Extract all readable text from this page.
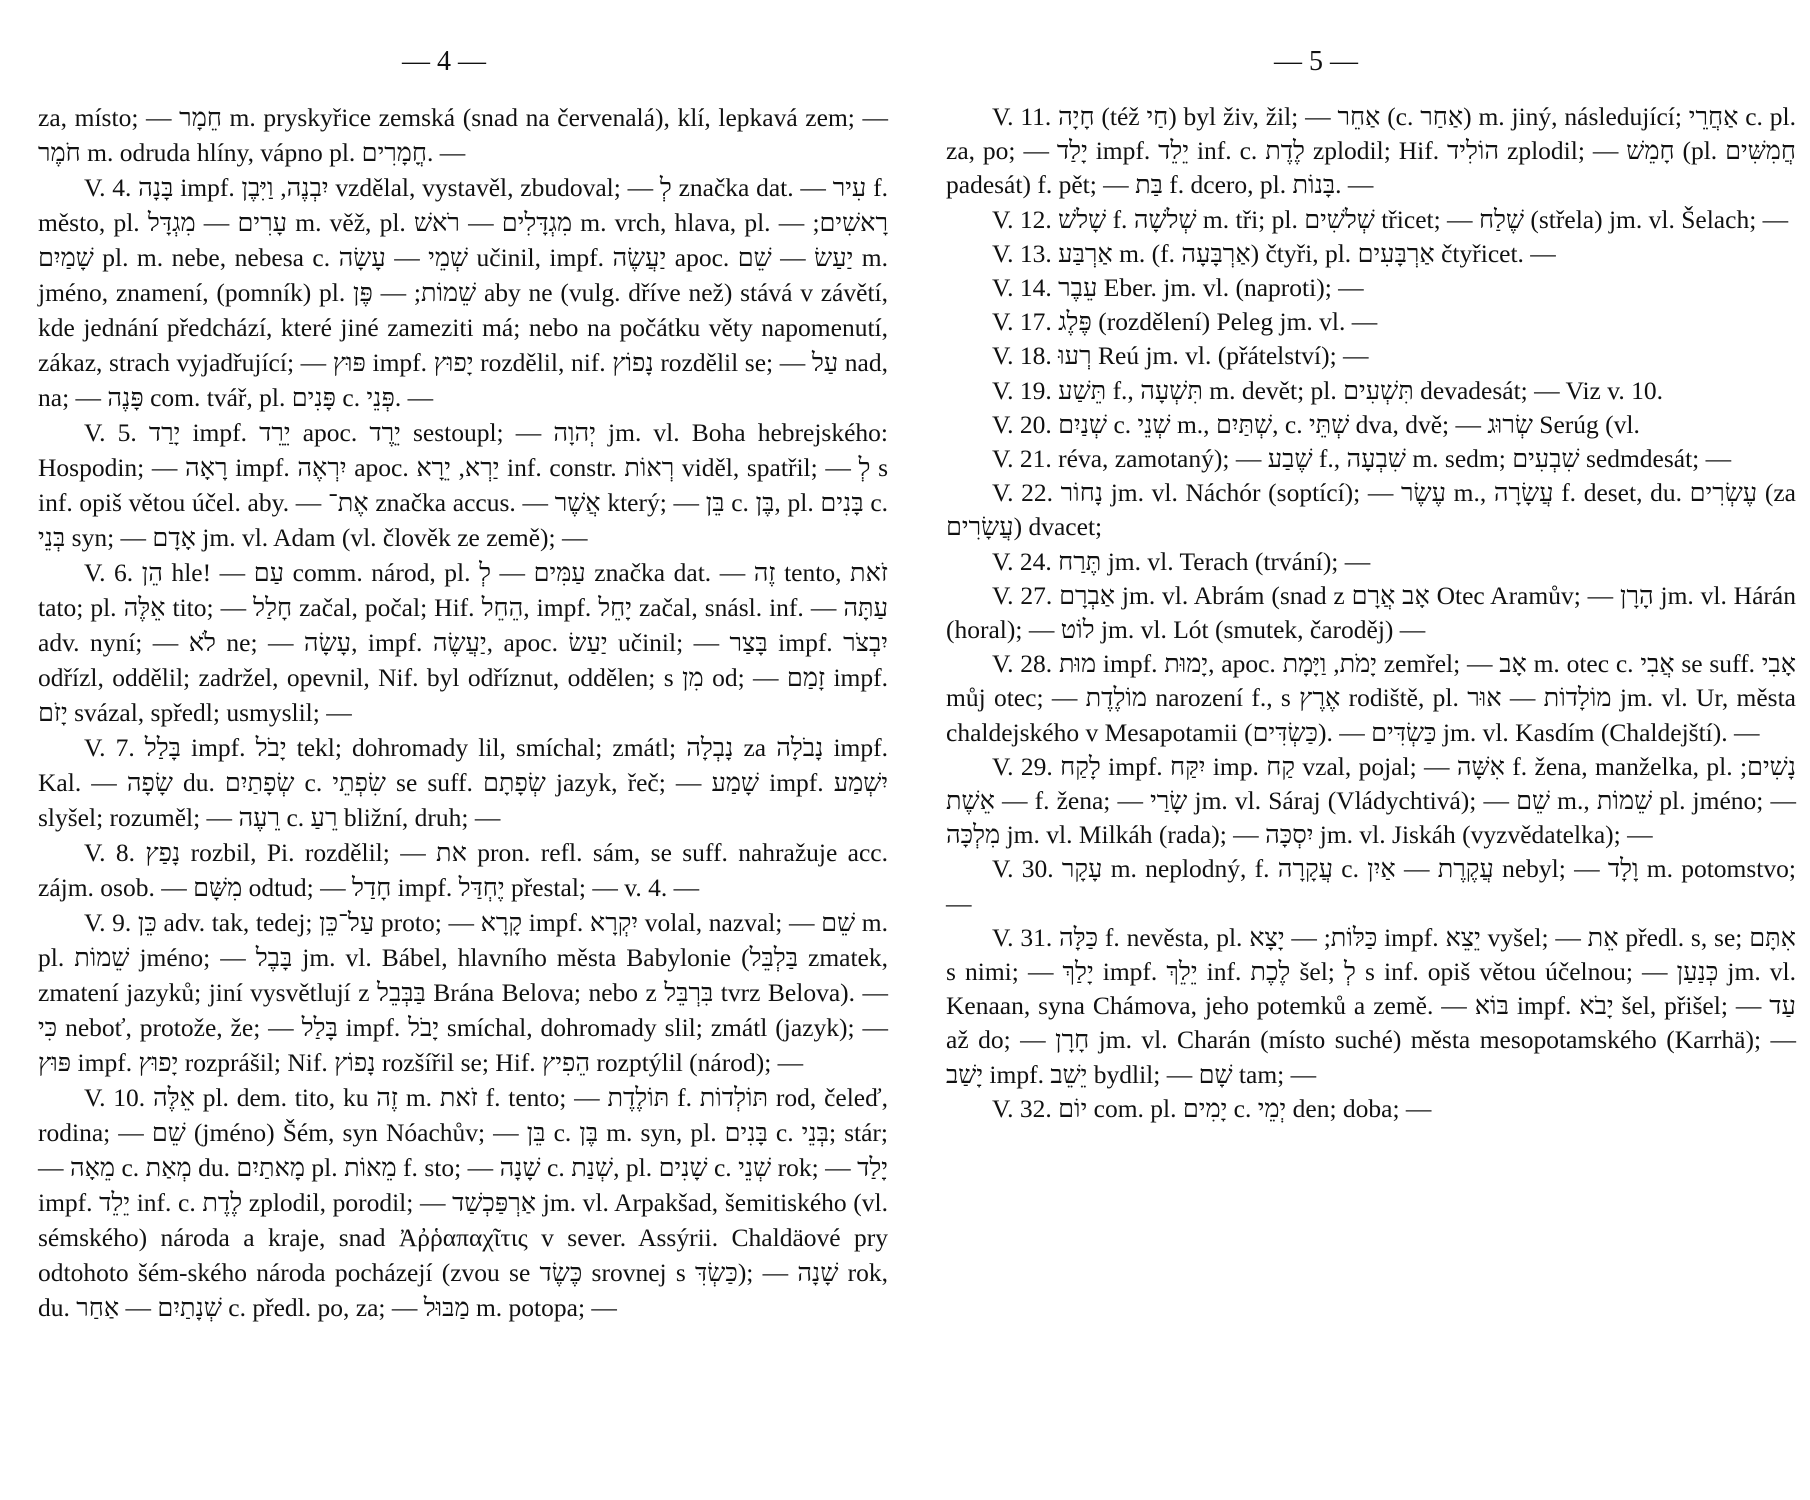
— 4 —

za, místo; — חֵמָר m. pryskyřice zemská (snad na červenalá), klí, lepkavá zem; — חֹמֶר m. odruda hlíny, vápno pl. חֳמָרִים. —

V. 4. בָּנָה impf. יִבְנֶה, וַיִּבֶן vzdělal, vystavěl, zbudoval; — לְ značka dat. — עִיר f. město, pl. עָרִים — מִגְדָּל m. věž, pl. מִגְדָּלִים — רֹאשׁ m. vrch, hlava, pl. רָאשִׁים; — שָׁמַיִם pl. m. nebe, nebesa c. שְׁמֵי — עָשָׂה učinil, impf. יַעֲשֶׂה apoc. יַעַשׂ — שֵׁם m. jméno, znamení, (pomník) pl. שֵׁמוֹת; — פֶּן aby ne (vulg. dříve než) stává v závětí, kde jednání předchází, které jiné zameziti má; nebo na počátku věty napomenutí, zákaz, strach vyjadřující; — פּוּץ impf. יָפוּץ rozdělil, nif. נָפוֹץ rozdělil se; — עַל nad, na; — פָּנֶה com. tvář, pl. פָּנִים c. פְּנֵי. —

V. 5. יָרַד impf. יֵרֵד apoc. יֵרֶד sestoupl; — יְהוָה jm. vl. Boha hebrejského: Hospodin; — רָאָה impf. יִרְאֶה apoc. יַרְא, יֵרָא inf. constr. רְאוֹת viděl, spatřil; — לְ s inf. opiš větou účel. aby. — אֶת־ značka accus. — אֲשֶׁר který; — בֵּן c. בֶּן, pl. בָּנִים c. בְּנֵי syn; — אָדָם jm. vl. Adam (vl. člověk ze země); —

V. 6. הֵן hle! — עַם comm. národ, pl. עַמִּים — לְ značka dat. — זֶה tento, זֹאת tato; pl. אֵלֶּה tito; — חָלַל začal, počal; Hif. הֵחֵל, impf. יָחֵל začal, snásl. inf. — עַתָּה adv. nyní; — לֹא ne; — עָשָׂה, impf. יַעֲשֶׂה, apoc. יַעַשׂ učinil; — בָּצַר impf. יִבְצֹר odřízl, oddělil; zadržel, opevnil, Nif. byl odříznut, oddělen; s מִן od; — זָמַם impf. יָזֹם svázal, spředl; usmyslil; —

V. 7. בָּלַל impf. יָבֹל tekl; dohromady lil, smíchal; zmátl; נָבְלָה za נָבֹלָה impf. Kal. — שָׂפָה du. שְׂפָתַיִם c. שִׂפְתֵי se suff. שְׂפָתָם jazyk, řeč; — שָׁמַע impf. יִשְׁמַע slyšel; rozuměl; — רֵעֶה c. רֵעַ bližní, druh; —

V. 8. נָפַץ rozbil, Pi. rozdělil; — את pron. refl. sám, se suff. nahražuje acc. zájm. osob. — מִשָּׁם odtud; — חָדַל impf. יֶחְדַּל přestal; — v. 4. —

V. 9. כֵּן adv. tak, tedej; עַל־כֵּן proto; — קָרָא impf. יִקְרָא volal, nazval; — שֵׁם m. pl. שֵׁמוֹת jméno; — בָּבֶל jm. vl. Bábel, hlavního města Babylonie (בַּלְבֵּל zmatek, zmatení jazyků; jiní vysvětlují z בַּבְּבֵל Brána Belova; nebo z בִּרְבֵּל tvrz Belova). — כִּי neboť, protože, že; — בָּלַל impf. יָבֹל smíchal, dohromady slil; zmátl (jazyk); — פּוּץ impf. יָפוּץ rozprášil; Nif. נָפוֹץ rozšířil se; Hif. הֵפִיץ rozptýlil (národ); —

V. 10. אֵלֶּה pl. dem. tito, ku זֶה m. זֹאת f. tento; — תּוֹלֶדֶת f. תּוֹלְדוֹת rod, čeleď, rodina; — שֵׁם (jméno) Šém, syn Nóachův; — בֵּן c. בֶּן m. syn, pl. בָּנִים c. בְּנֵי; stár; — מֵאָה c. מְאַת du. מָאתַיִם pl. מֵאוֹת f. sto; — שָׁנָה c. שְׁנַת, pl. שָׁנִים c. שְׁנֵי rok; — יָלַד impf. יֵלֵד inf. c. לֶדֶת zplodil, porodil; — אַרְפַּכְשַׁד jm. vl. Arpakšad, šemitiského (vl. sémského) národa a kraje, snad Ἀῤῥαπαχῖτις v sever. Assýrii. Chaldäové pry odtohoto šém-ského národa pocházejí (zvou se כֶּשֶׂד srovnej s כַּשְׂדִּ); — שָׁנָה rok, du. שְׁנָתַיִם — אַחַר c. předl. po, za; — מַבּוּל m. potopa; —

— 5 —

V. 11. חָיָה (též חַי) byl živ, žil; — אַחֵר (c. אַחַר) m. jiný, následující; אַחֲרֵי c. pl. za, po; — יָלַד impf. יֵלֵד inf. c. לֶדֶת zplodil; Hif. הוֹלִיד zplodil; — חָמֵשׁ (pl. חֲמִשִּׁים padesát) f. pět; — בַּת f. dcero, pl. בָּנוֹת. —

V. 12. שָׁלשׁ f. שְׁלשָׁה m. tři; pl. שְׁלשִׁים třicet; — שֶׁלַח (střela) jm. vl. Šelach; —

V. 13. אַרְבַּע m. (f. אַרְבָּעָה) čtyři, pl. אַרְבָּעִים čtyřicet. —

V. 14. עֵבֶר Eber. jm. vl. (naproti); —

V. 17. פֶּלֶג (rozdělení) Peleg jm. vl. —

V. 18. רְעוּ Reú jm. vl. (přátelství); —

V. 19. תֵּשַׁע f., תִּשְׁעָה m. devět; pl. תִּשְׁעִים devadesát; — Viz v. 10.

V. 20. שְׁנַיִם c. שְׁנֵי m., שְׁתַּיִם, c. שְׁתֵּי dva, dvě; — שְׂרוּג Serúg (vl.

V. 21. réva, zamotaný); — שֶׁבַע f., שִׁבְעָה m. sedm; שִׁבְעִים sedmdesát; —

V. 22. נָחוֹר jm. vl. Náchór (soptící); — עֶשֶׂר m., עֲשָׂרָה f. deset, du. עֶשְׂרִים (za עֲשָׂרִים) dvacet;

V. 24. תֶּרַח jm. vl. Terach (trvání); —

V. 27. אַבְרָם jm. vl. Abrám (snad z אָב אֲרָם Otec Aramův; — הָרָן jm. vl. Hárán (horal); — לוֹט jm. vl. Lót (smutek, čaroděj) —

V. 28. מוּת impf. יָמוּת, apoc. יָמֹת, וַיָּמָת zemřel; — אָב m. otec c. אֲבִי se suff. אָבִי můj otec; — מוֹלֶדֶת narození f., s אֶרֶץ rodiště, pl. מוֹלָדוֹת — אוּר jm. vl. Ur, města chaldejského v Mesapotamii (כַּשְׂדִּים). — כַּשְׂדִּים jm. vl. Kasdím (Chaldejští). —

V. 29. לָקַח impf. יִקַּח imp. קַח vzal, pojal; — אִשָּׁה f. žena, manželka, pl. נָשִׁים; — אֵשֶׁת f. žena; — שָׂרַי jm. vl. Sáraj (Vládychtivá); — שֵׁם m., שֵׁמוֹת pl. jméno; — מִלְכָּה jm. vl. Milkáh (rada); — יִסְכָּה jm. vl. Jiskáh (vyzvědatelka); —

V. 30. עָקָר m. neplodný, f. עֲקָרָה c. עֲקֶרֶת — אַיִן nebyl; — וָלָד m. potomstvo; —

V. 31. כַּלָּה f. nevěsta, pl. כַּלּוֹת; — יָצָא impf. יֵצֵא vyšel; — אֵת předl. s, se; אִתָּם s nimi; — יָלַךְ impf. יֵלֵךְ inf. לֶכֶת šel; לְ s inf. opiš větou účelnou; — כְּנַעַן jm. vl. Kenaan, syna Chámova, jeho potemků a země. — בּוֹא impf. יָבֹא šel, přišel; — עַד až do; — חָרָן jm. vl. Charán (místo suché) města mesopotamského (Karrhä); — יָשַׁב impf. יֵשֵׁב bydlil; — שָׁם tam; —

V. 32. יוֹם com. pl. יָמִים c. יְמֵי den; doba; —
